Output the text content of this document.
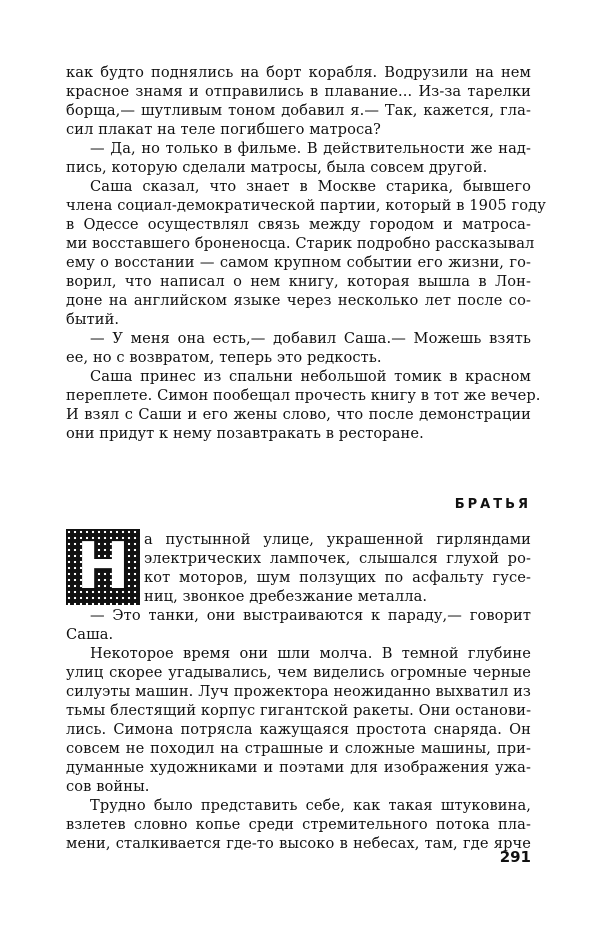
как будто поднялись на борт корабля. Водрузили на нем
красное знамя и отправились в плавание... Из-за тарелки
борща,— шутливым тоном добавил я.— Так, кажется, гла-
сил плакат на теле погибшего матроса?
— Да, но только в фильме. В действительности же над-
пись, которую сделали матросы, была совсем другой.
Саша сказал, что знает в Москве старика, бывшего
члена социал-демократической партии, который в 1905 году
в Одессе осуществлял связь между городом и матроса-
ми восставшего броненосца. Старик подробно рассказывал
ему о восстании — самом крупном событии его жизни, го-
ворил, что написал о нем книгу, которая вышла в Лон-
доне на английском языке через несколько лет после со-
бытий.
— У меня она есть,— добавил Саша.— Можешь взять
ее, но с возвратом, теперь это редкость.
Саша принес из спальни небольшой томик в красном
переплете. Симон пообещал прочесть книгу в тот же вечер.
И взял с Саши и его жены слово, что после демонстрации
они придут к нему позавтракать в ресторане.
БРАТЬЯ
Н а пустынной улице, украшенной гирляндами
электрических лампочек, слышался глухой ро-
кот моторов, шум ползущих по асфальту гусе-
ниц, звонкое дребезжание металла.
— Это танки, они выстраиваются к параду,— говорит
Саша.
Некоторое время они шли молча. В темной глубине
улиц скорее угадывались, чем виделись огромные черные
силуэты машин. Луч прожектора неожиданно выхватил из
тьмы блестящий корпус гигантской ракеты. Они останови-
лись. Симона потрясла кажущаяся простота снаряда. Он
совсем не походил на страшные и сложные машины, при-
думанные художниками и поэтами для изображения ужа-
сов войны.
Трудно было представить себе, как такая штуковина,
взлетев словно копье среди стремительного потока пла-
мени, сталкивается где-то высоко в небесах, там, где ярче
291
